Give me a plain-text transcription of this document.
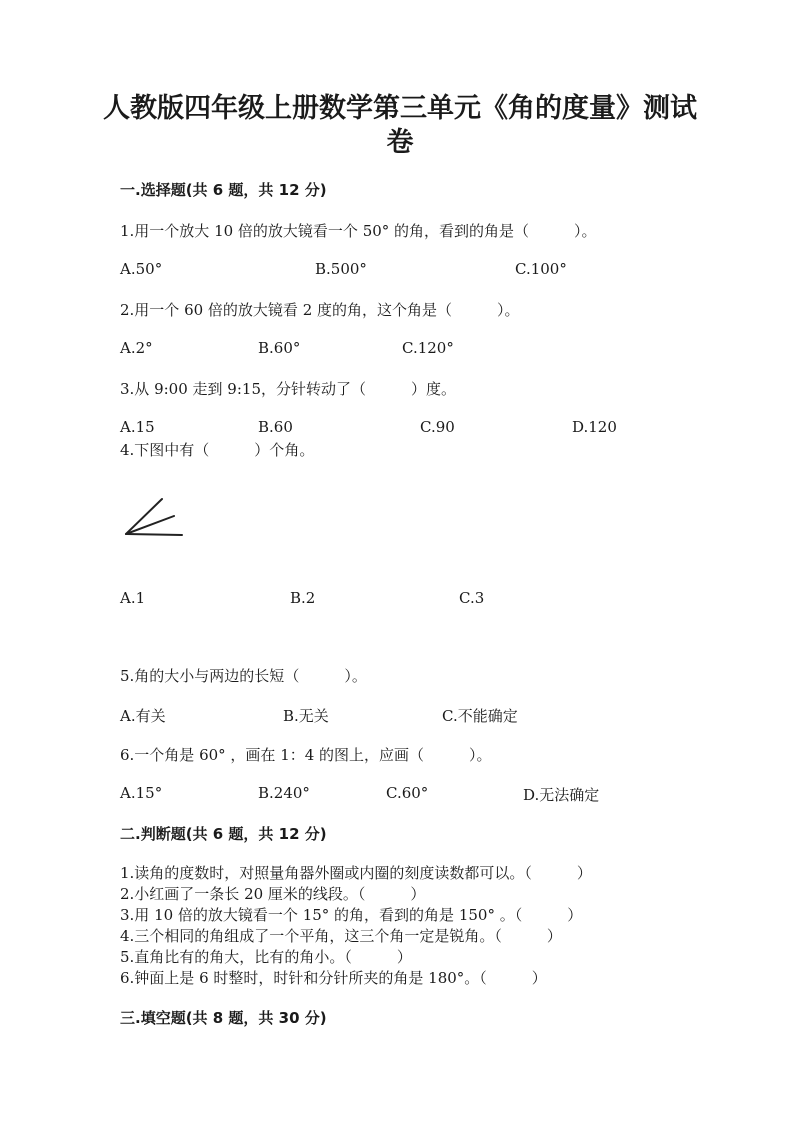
人教版四年级上册数学第三单元《角的度量》测试
卷
一.选择题(共 6 题，共 12 分)
1.用一个放大 10 倍的放大镜看一个 50° 的角，看到的角是（　　　）。
A.50°	B.500°	C.100°
2.用一个 60 倍的放大镜看 2 度的角，这个角是（　　　）。
A.2°	B.60°	C.120°
3.从 9:00 走到 9:15，分针转动了（　　　）度。
A.15	B.60	C.90	D.120
4.下图中有（　　　）个角。
A.1	B.2	C.3
5.角的大小与两边的长短（　　　）。
A.有关	B.无关	C.不能确定
6.一个角是 60° ，画在 1：4 的图上，应画（　　　）。
A.15°	B.240°	C.60°	D.无法确定
二.判断题(共 6 题，共 12 分)
1.读角的度数时，对照量角器外圈或内圈的刻度读数都可以。（　　　）
2.小红画了一条长 20 厘米的线段。（　　　）
3.用 10 倍的放大镜看一个 15° 的角，看到的角是 150° 。（　　　）
4.三个相同的角组成了一个平角，这三个角一定是锐角。（　　　）
5.直角比有的角大，比有的角小。（　　　）
6.钟面上是 6 时整时，时针和分针所夹的角是 180°。（　　　）
三.填空题(共 8 题，共 30 分)
